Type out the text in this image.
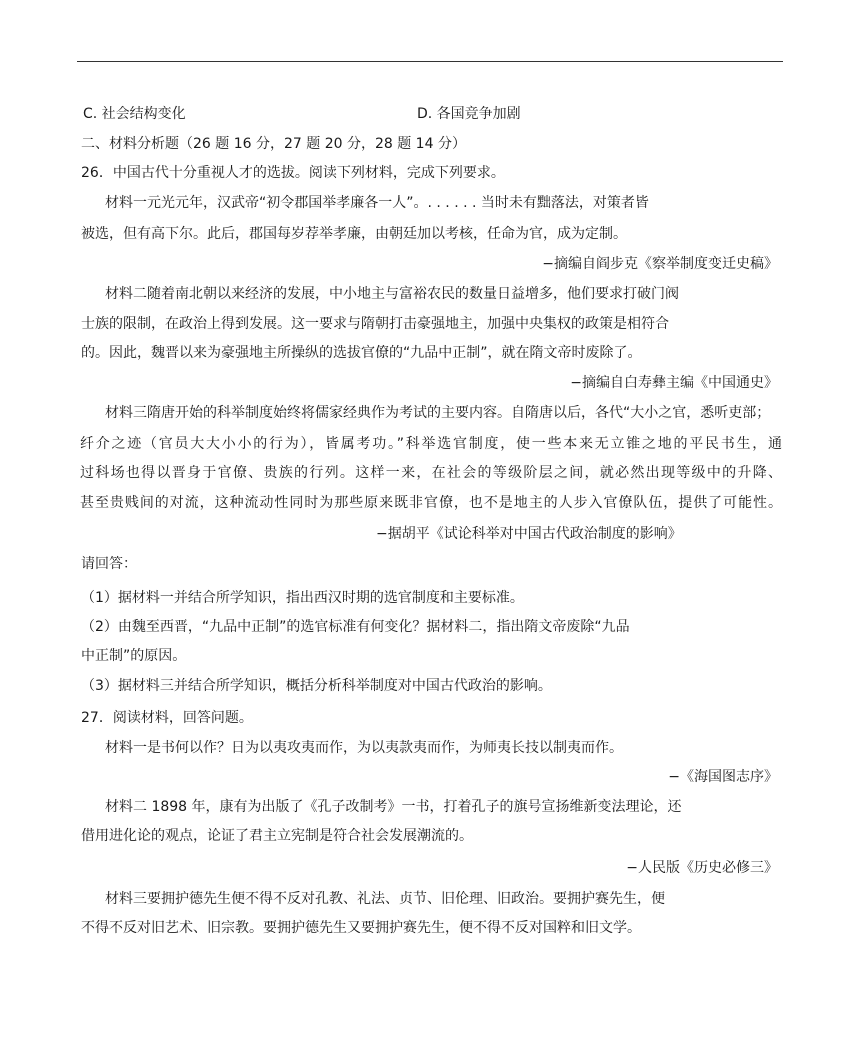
C. 社会结构变化	D. 各国竞争加剧
二、材料分析题（26 题 16 分，27 题 20 分，28 题 14 分）
26．中国古代十分重视人才的选拔。阅读下列材料，完成下列要求。
材料一元光元年，汉武帝“初令郡国举孝廉各一人”。. . . . . . 当时未有黜落法，对策者皆
被选，但有高下尔。此后，郡国每岁荐举孝廉，由朝廷加以考核，任命为官，成为定制。
−摘编自阎步克《察举制度变迁史稿》
材料二随着南北朝以来经济的发展，中小地主与富裕农民的数量日益增多，他们要求打破门阀
士族的限制，在政治上得到发展。这一要求与隋朝打击豪强地主，加强中央集权的政策是相符合
的。因此，魏晋以来为豪强地主所操纵的选拔官僚的“九品中正制”，就在隋文帝时废除了。
−摘编自白寿彝主编《中国通史》
材料三隋唐开始的科举制度始终将儒家经典作为考试的主要内容。自隋唐以后，各代“大小之官，悉听吏部；
纤介之迹（官员大大小小的行为），皆属考功。”科举选官制度，使一些本来无立锥之地的平民书生，通
过科场也得以晋身于官僚、贵族的行列。这样一来，在社会的等级阶层之间，就必然出现等级中的升降、
甚至贵贱间的对流，这种流动性同时为那些原来既非官僚，也不是地主的人步入官僚队伍，提供了可能性。
−据胡平《试论科举对中国古代政治制度的影响》
请回答：
（1）据材料一并结合所学知识，指出西汉时期的选官制度和主要标准。
（2）由魏至西晋，“九品中正制”的选官标准有何变化？据材料二，指出隋文帝废除“九品
中正制”的原因。
（3）据材料三并结合所学知识，概括分析科举制度对中国古代政治的影响。
27．阅读材料，回答问题。
材料一是书何以作？日为以夷攻夷而作，为以夷款夷而作，为师夷长技以制夷而作。
−《海国图志序》
材料二 1898 年，康有为出版了《孔子改制考》一书，打着孔子的旗号宣扬维新变法理论，还
借用进化论的观点，论证了君主立宪制是符合社会发展潮流的。
−人民版《历史必修三》
材料三要拥护德先生便不得不反对孔教、礼法、贞节、旧伦理、旧政治。要拥护赛先生，便
不得不反对旧艺术、旧宗教。要拥护德先生又要拥护赛先生，便不得不反对国粹和旧文学。
